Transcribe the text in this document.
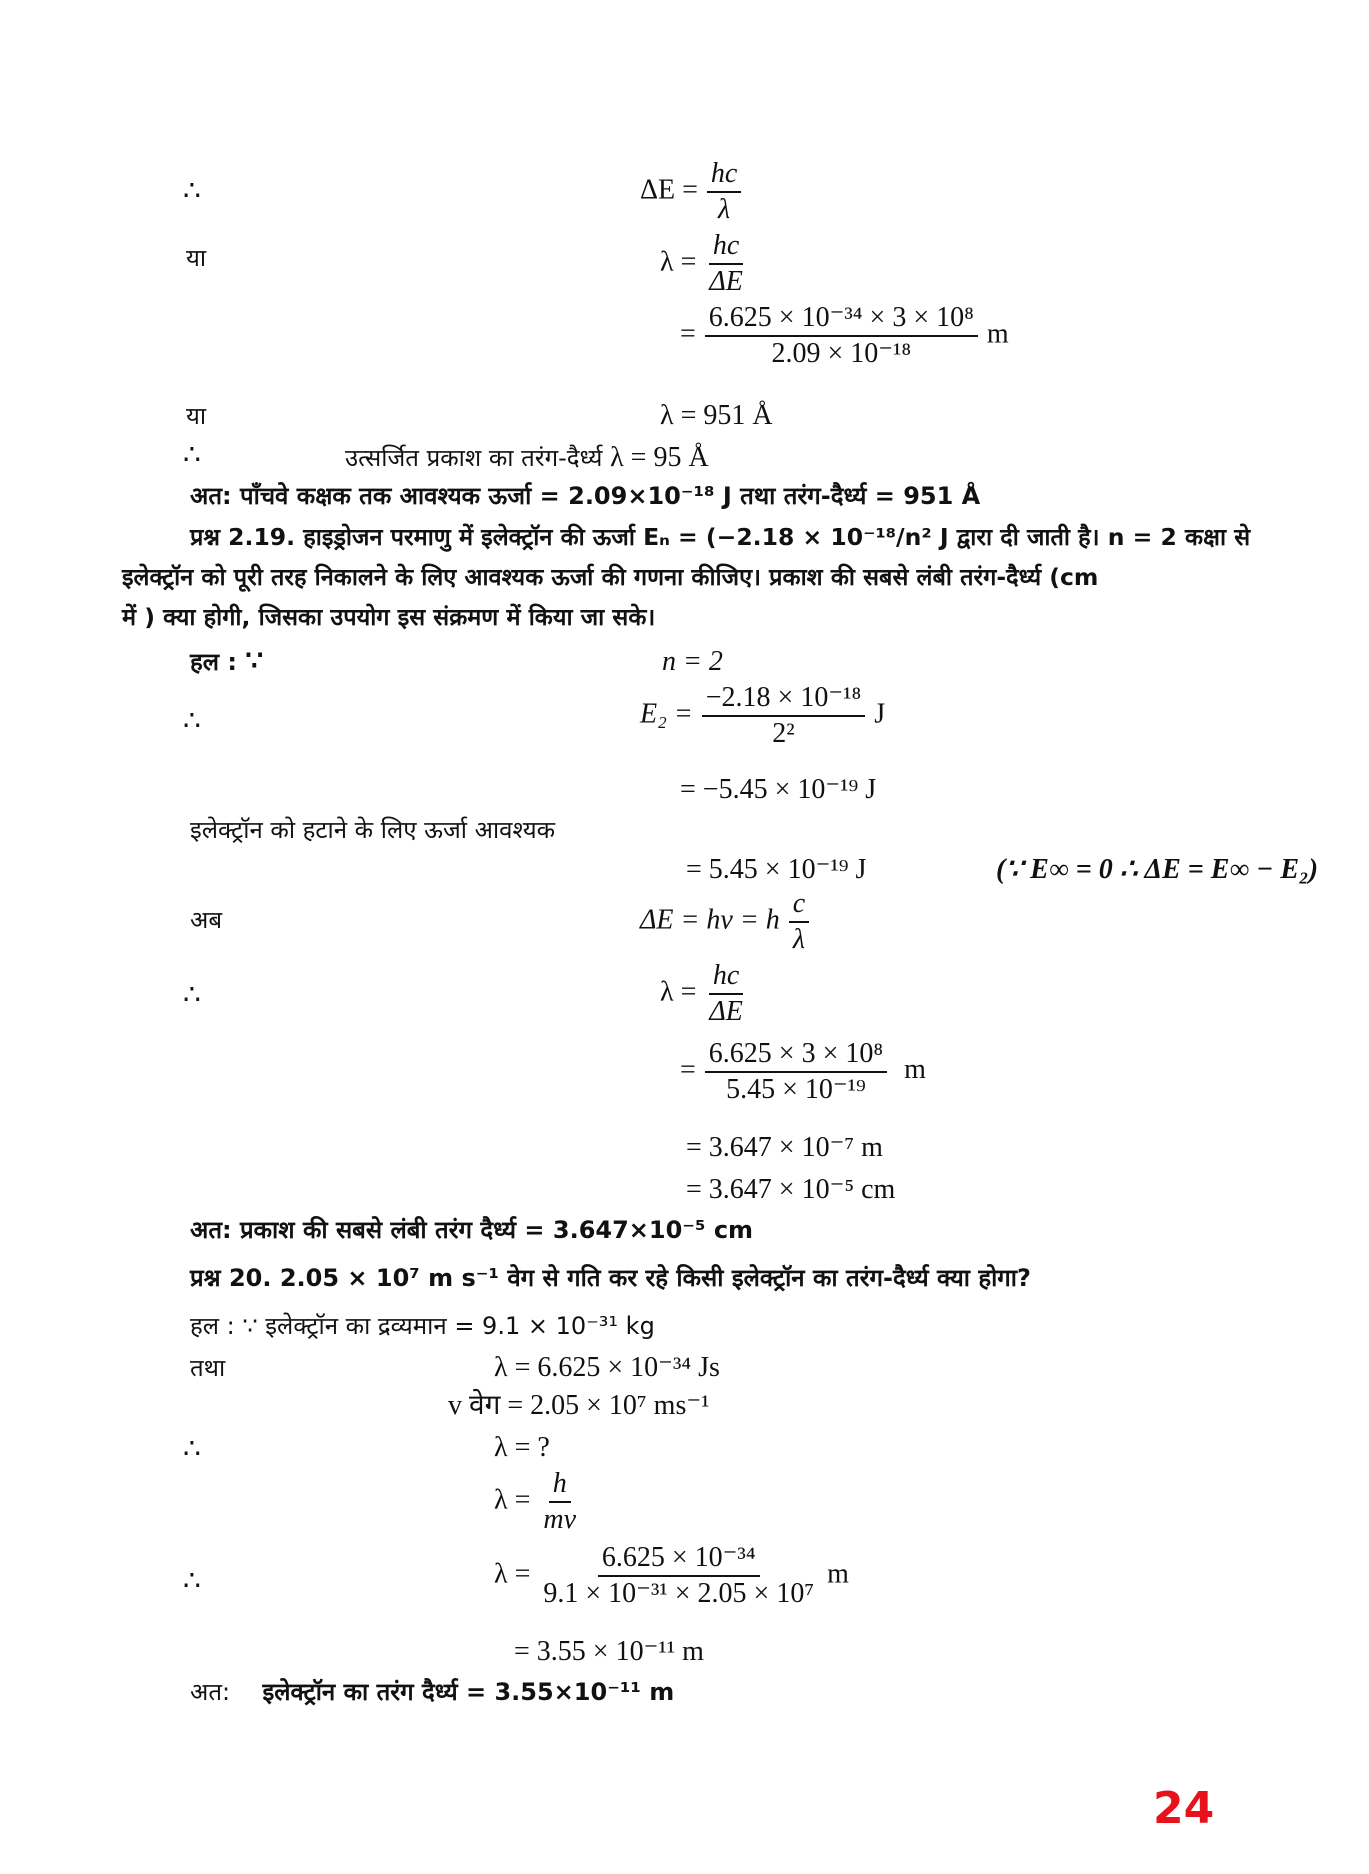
∴	$\Delta E = \frac{hc}{\lambda}$
या	$\lambda = \frac{hc}{\Delta E}$
= $\frac{\text{6.625 × 10⁻³⁴ × 3 × 10⁸}}{\text{2.09 × 10⁻¹⁸}}$ m
या	λ = 951 Å
∴	उत्सर्जित प्रकाश का तरंग-दैर्ध्य λ = 95 Å
अत: पाँचवे कक्षक तक आवश्यक ऊर्जा = 2.09×10⁻¹⁸ J तथा तरंग-दैर्ध्य = 951 Å
प्रश्न 2.19. हाइड्रोजन परमाणु में इलेक्ट्रॉन की ऊर्जा Eₙ = (−2.18 × 10⁻¹⁸/n² J द्वारा दी जाती है। n = 2 कक्षा से
इलेक्ट्रॉन को पूरी तरह निकालने के लिए आवश्यक ऊर्जा की गणना कीजिए। प्रकाश की सबसे लंबी तरंग-दैर्ध्य (cm
में ) क्या होगी, जिसका उपयोग इस संक्रमण में किया जा सके।
हल : ∵	n = 2
∴	$E_2 = \frac{\text{−2.18 × 10⁻¹⁸}}{\text{2²}}$ J
= −5.45 × 10⁻¹⁹ J
इलेक्ट्रॉन को हटाने के लिए ऊर्जा आवश्यक
= 5.45 × 10⁻¹⁹ J	(∵ E∞ = 0 ∴ ΔE = E∞ − E₂)
अब	ΔE = hν = h $\frac{c}{\lambda}$
∴	$\lambda = \frac{hc}{\Delta E}$
= $\frac{\text{6.625 × 3 × 10⁸}}{\text{5.45 × 10⁻¹⁹}}$ m
= 3.647 × 10⁻⁷ m
= 3.647 × 10⁻⁵ cm
अत: प्रकाश की सबसे लंबी तरंग दैर्ध्य = 3.647×10⁻⁵ cm
प्रश्न 20. 2.05 × 10⁷ m s⁻¹ वेग से गति कर रहे किसी इलेक्ट्रॉन का तरंग-दैर्ध्य क्या होगा?
हल : ∵ इलेक्ट्रॉन का द्रव्यमान = 9.1 × 10⁻³¹ kg
तथा	λ = 6.625 × 10⁻³⁴ Js
v वेग = 2.05 × 10⁷ ms⁻¹
∴	λ = ?
$\lambda = \frac{h}{mv}$
∴	$\lambda = \frac{\text{6.625 × 10⁻³⁴}}{\text{9.1 × 10⁻³¹ × 2.05 × 10⁷}}$ m
= 3.55 × 10⁻¹¹ m
अत: इलेक्ट्रॉन का तरंग दैर्ध्य = 3.55×10⁻¹¹ m
24
